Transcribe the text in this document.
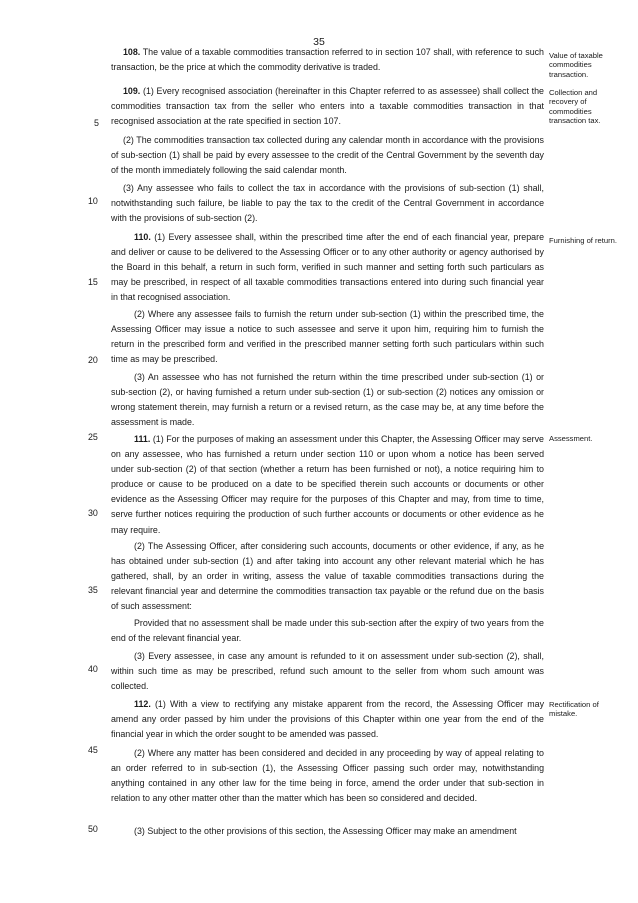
35
108. The value of a taxable commodities transaction referred to in section 107 shall, with reference to such transaction, be the price at which the commodity derivative is traded.
109. (1) Every recognised association (hereinafter in this Chapter referred to as assessee) shall collect the commodities transaction tax from the seller who enters into a taxable commodities transaction in that recognised association at the rate specified in section 107.
(2) The commodities transaction tax collected during any calendar month in accordance with the provisions of sub-section (1) shall be paid by every assessee to the credit of the Central Government by the seventh day of the month immediately following the said calendar month.
(3) Any assessee who fails to collect the tax in accordance with the provisions of sub-section (1) shall, notwithstanding such failure, be liable to pay the tax to the credit of the Central Government in accordance with the provisions of sub-section (2).
110. (1) Every assessee shall, within the prescribed time after the end of each financial year, prepare and deliver or cause to be delivered to the Assessing Officer or to any other authority or agency authorised by the Board in this behalf, a return in such form, verified in such manner and setting forth such particulars as may be prescribed, in respect of all taxable commodities transactions entered into during such financial year in that recognised association.
(2) Where any assessee fails to furnish the return under sub-section (1) within the prescribed time, the Assessing Officer may issue a notice to such assessee and serve it upon him, requiring him to furnish the return in the prescribed form and verified in the prescribed manner setting forth such particulars within such time as may be prescribed.
(3) An assessee who has not furnished the return within the time prescribed under sub-section (1) or sub-section (2), or having furnished a return under sub-section (1) or sub-section (2) notices any omission or wrong statement therein, may furnish a return or a revised return, as the case may be, at any time before the assessment is made.
111. (1) For the purposes of making an assessment under this Chapter, the Assessing Officer may serve on any assessee, who has furnished a return under section 110 or upon whom a notice has been served under sub-section (2) of that section (whether a return has been furnished or not), a notice requiring him to produce or cause to be produced on a date to be specified therein such accounts or documents or other evidence as the Assessing Officer may require for the purposes of this Chapter and may, from time to time, serve further notices requiring the production of such further accounts or documents or other evidence as he may require.
(2) The Assessing Officer, after considering such accounts, documents or other evidence, if any, as he has obtained under sub-section (1) and after taking into account any other relevant material which he has gathered, shall, by an order in writing, assess the value of taxable commodities transactions during the relevant financial year and determine the commodities transaction tax payable or the refund due on the basis of such assessment:
Provided that no assessment shall be made under this sub-section after the expiry of two years from the end of the relevant financial year.
(3) Every assessee, in case any amount is refunded to it on assessment under sub-section (2), shall, within such time as may be prescribed, refund such amount to the seller from whom such amount was collected.
112. (1) With a view to rectifying any mistake apparent from the record, the Assessing Officer may amend any order passed by him under the provisions of this Chapter within one year from the end of the financial year in which the order sought to be amended was passed.
(2) Where any matter has been considered and decided in any proceeding by way of appeal relating to an order referred to in sub-section (1), the Assessing Officer passing such order may, notwithstanding anything contained in any other law for the time being in force, amend the order under that sub-section in relation to any other matter other than the matter which has been so considered and decided.
(3) Subject to the other provisions of this section, the Assessing Officer may make an amendment
5
10
15
20
25
30
35
40
45
50
Value of taxable commodities transaction.
Collection and recovery of commodities transaction tax.
Furnishing of return.
Assessment.
Rectification of mistake.
